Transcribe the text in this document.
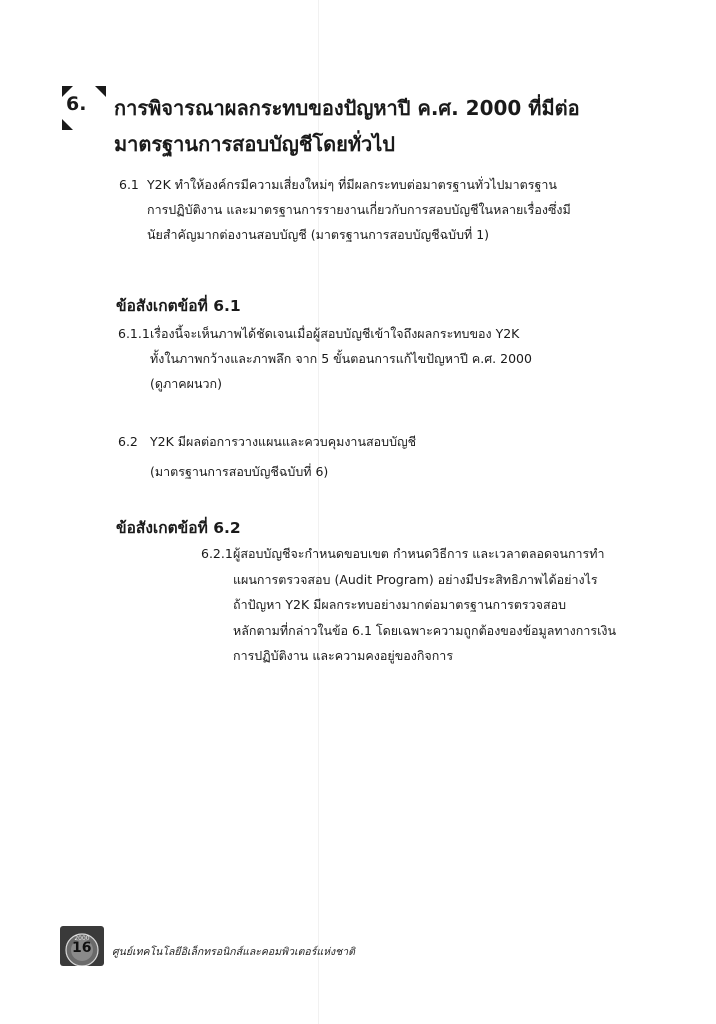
6. การพิจารณาผลกระทบของปัญหาปี ค.ศ. 2000 ที่มีต่อ
มาตรฐานการสอบบัญชีโดยทั่วไป
6.1 Y2K ทำให้องค์กรมีความเสี่ยงใหม่ๆ ที่มีผลกระทบต่อมาตรฐานทั่วไปมาตรฐาน
การปฏิบัติงาน และมาตรฐานการรายงานเกี่ยวกับการสอบบัญชีในหลายเรื่องซึ่งมี
นัยสำคัญมากต่องานสอบบัญชี (มาตรฐานการสอบบัญชีฉบับที่ 1)
ข้อสังเกตข้อที่ 6.1
6.1.1เรื่องนี้จะเห็นภาพได้ชัดเจนเมื่อผู้สอบบัญชีเข้าใจถึงผลกระทบของ Y2K
ทั้งในภาพกว้างและภาพลึก จาก 5 ขั้นตอนการแก้ไขปัญหาปี ค.ศ. 2000
(ดูภาคผนวก)
6.2 Y2K มีผลต่อการวางแผนและควบคุมงานสอบบัญชี
(มาตรฐานการสอบบัญชีฉบับที่ 6)
ข้อสังเกตข้อที่ 6.2
6.2.1ผู้สอบบัญชีจะกำหนดขอบเขต กำหนดวิธีการ และเวลาตลอดจนการทำ
แผนการตรวจสอบ (Audit Program) อย่างมีประสิทธิภาพได้อย่างไร
ถ้าปัญหา Y2K มีผลกระทบอย่างมากต่อมาตรฐานการตรวจสอบ
หลักตามที่กล่าวในข้อ 6.1 โดยเฉพาะความถูกต้องของข้อมูลทางการเงิน
การปฏิบัติงาน และความคงอยู่ของกิจการ
2000
16 ศูนย์เทคโนโลยีอิเล็กทรอนิกส์และคอมพิวเตอร์แห่งชาติ
